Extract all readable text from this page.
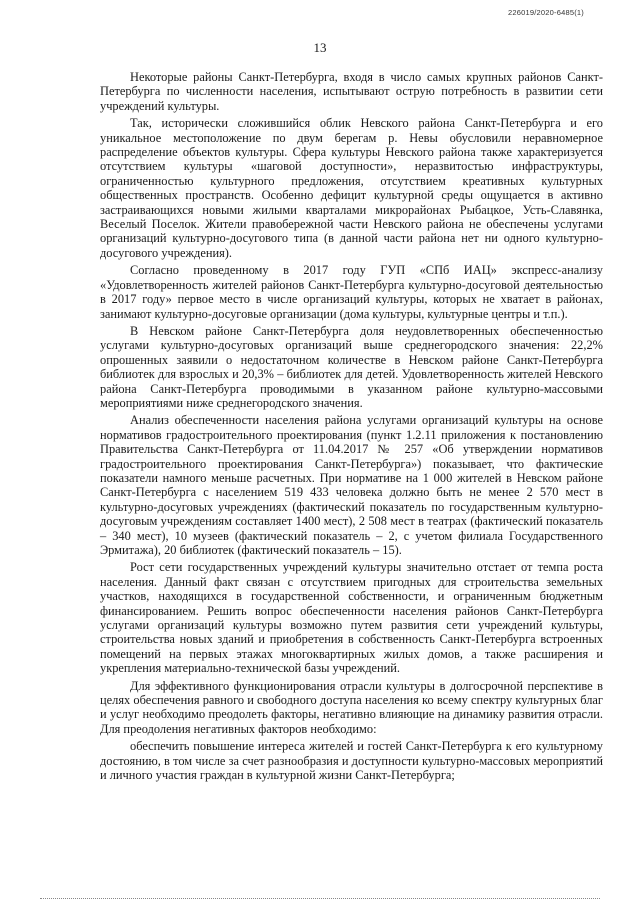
226019/2020-6485(1)
13

Некоторые районы Санкт-Петербурга, входя в число самых крупных районов Санкт-Петербурга по численности населения, испытывают острую потребность в развитии сети учреждений культуры.

Так, исторически сложившийся облик Невского района Санкт-Петербурга и его уникальное местоположение по двум берегам р. Невы обусловили неравномерное распределение объектов культуры. Сфера культуры Невского района также характеризуется отсутствием культуры «шаговой доступности», неразвитостью инфраструктуры, ограниченностью культурного предложения, отсутствием креативных культурных общественных пространств. Особенно дефицит культурной среды ощущается в активно застраивающихся новыми жилыми кварталами микрорайонах Рыбацкое, Усть-Славянка, Веселый Поселок. Жители правобережной части Невского района не обеспечены услугами организаций культурно-досугового типа (в данной части района нет ни одного культурно-досугового учреждения).

Согласно проведенному в 2017 году ГУП «СПб ИАЦ» экспресс-анализу «Удовлетворенность жителей районов Санкт-Петербурга культурно-досуговой деятельностью в 2017 году» первое место в числе организаций культуры, которых не хватает в районах, занимают культурно-досуговые организации (дома культуры, культурные центры и т.п.).

В Невском районе Санкт-Петербурга доля неудовлетворенных обеспеченностью услугами культурно-досуговых организаций выше среднегородского значения: 22,2% опрошенных заявили о недостаточном количестве в Невском районе Санкт-Петербурга библиотек для взрослых и 20,3% – библиотек для детей. Удовлетворенность жителей Невского района Санкт-Петербурга проводимыми в указанном районе культурно-массовыми мероприятиями ниже среднегородского значения.

Анализ обеспеченности населения района услугами организаций культуры на основе нормативов градостроительного проектирования (пункт 1.2.11 приложения к постановлению Правительства Санкт-Петербурга от 11.04.2017 № 257 «Об утверждении нормативов градостроительного проектирования Санкт-Петербурга») показывает, что фактические показатели намного меньше расчетных. При нормативе на 1 000 жителей в Невском районе Санкт-Петербурга с населением 519 433 человека должно быть не менее 2 570 мест в культурно-досуговых учреждениях (фактический показатель по государственным культурно-досуговым учреждениям составляет 1400 мест), 2 508 мест в театрах (фактический показатель – 340 мест), 10 музеев (фактический показатель – 2, с учетом филиала Государственного Эрмитажа), 20 библиотек (фактический показатель – 15).

Рост сети государственных учреждений культуры значительно отстает от темпа роста населения. Данный факт связан с отсутствием пригодных для строительства земельных участков, находящихся в государственной собственности, и ограниченным бюджетным финансированием. Решить вопрос обеспеченности населения районов Санкт-Петербурга услугами организаций культуры возможно путем развития сети учреждений культуры, строительства новых зданий и приобретения в собственность Санкт-Петербурга встроенных помещений на первых этажах многоквартирных жилых домов, а также расширения и укрепления материально-технической базы учреждений.

Для эффективного функционирования отрасли культуры в долгосрочной перспективе в целях обеспечения равного и свободного доступа населения ко всему спектру культурных благ и услуг необходимо преодолеть факторы, негативно влияющие на динамику развития отрасли. Для преодоления негативных факторов необходимо:

обеспечить повышение интереса жителей и гостей Санкт-Петербурга к его культурному достоянию, в том числе за счет разнообразия и доступности культурно-массовых мероприятий и личного участия граждан в культурной жизни Санкт-Петербурга;
